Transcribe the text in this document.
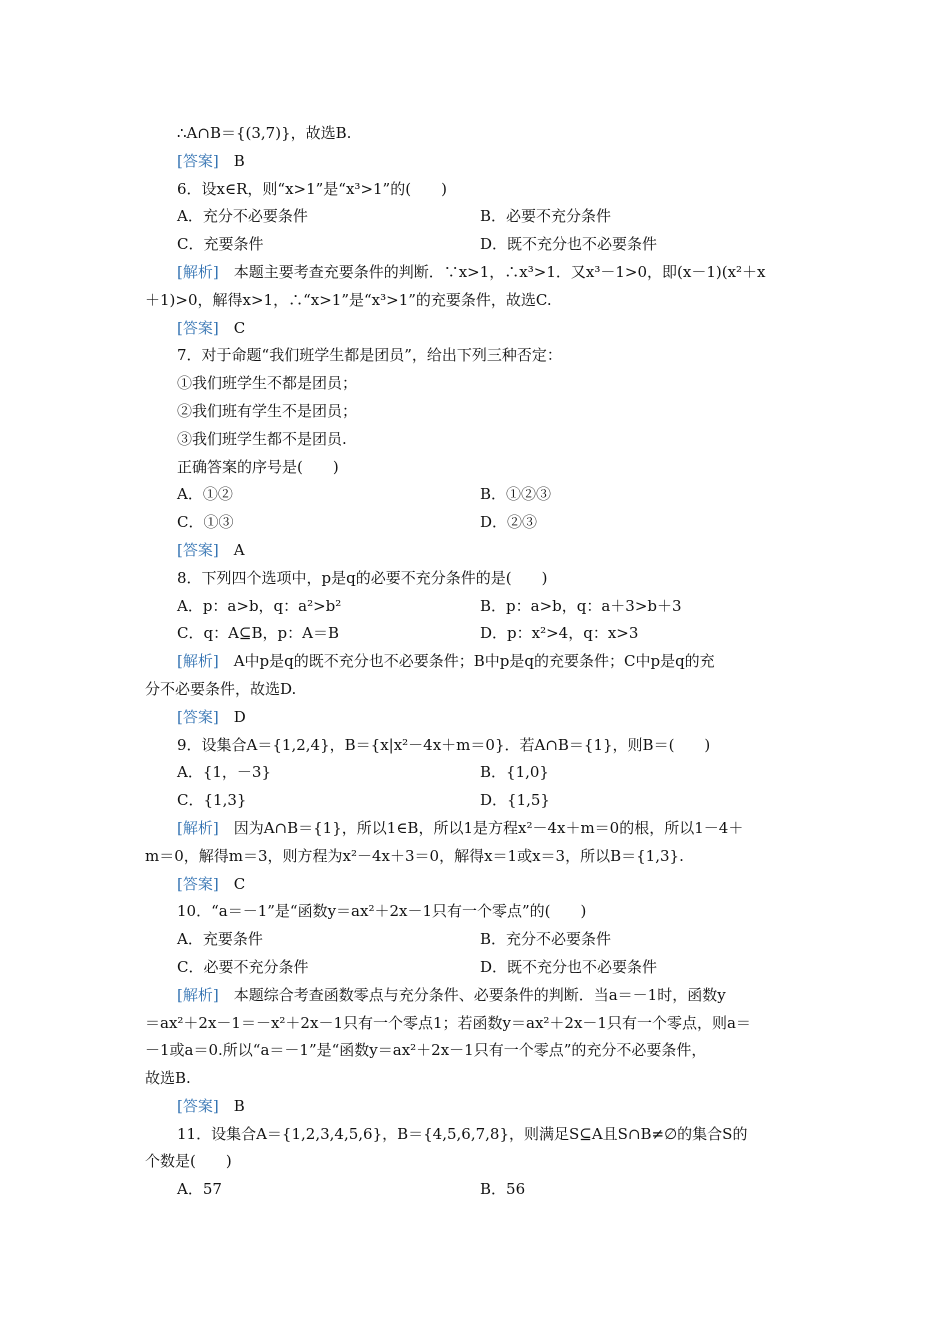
∴A∩B＝{(3,7)}，故选B.
[答案]　B
6．设x∈R，则“x>1”是“x³>1”的(　　)
A．充分不必要条件	B．必要不充分条件
C．充要条件	D．既不充分也不必要条件
[解析]　本题主要考查充要条件的判断．∵x>1，∴x³>1．又x³－1>0，即(x－1)(x²＋x
＋1)>0，解得x>1，∴“x>1”是“x³>1”的充要条件，故选C.
[答案]　C
7．对于命题“我们班学生都是团员”，给出下列三种否定：
①我们班学生不都是团员；
②我们班有学生不是团员；
③我们班学生都不是团员.
正确答案的序号是(　　)
A．①②	B．①②③
C．①③	D．②③
[答案]　A
8．下列四个选项中，p是q的必要不充分条件的是(　　)
A．p：a>b，q：a²>b²	B．p：a>b，q：a＋3>b＋3
C．q：A⊆B，p：A＝B	D．p：x²>4，q：x>3
[解析]　A中p是q的既不充分也不必要条件；B中p是q的充要条件；C中p是q的充
分不必要条件，故选D.
[答案]　D
9．设集合A＝{1,2,4}，B＝{x|x²－4x＋m＝0}．若A∩B＝{1}，则B＝(　　)
A．{1，－3}	B．{1,0}
C．{1,3}	D．{1,5}
[解析]　因为A∩B＝{1}，所以1∈B，所以1是方程x²－4x＋m＝0的根，所以1－4＋
m＝0，解得m＝3，则方程为x²－4x＋3＝0，解得x＝1或x＝3，所以B＝{1,3}.
[答案]　C
10．“a＝－1”是“函数y＝ax²＋2x－1只有一个零点”的(　　)
A．充要条件	B．充分不必要条件
C．必要不充分条件	D．既不充分也不必要条件
[解析]　本题综合考查函数零点与充分条件、必要条件的判断．当a＝－1时，函数y
＝ax²＋2x－1＝－x²＋2x－1只有一个零点1；若函数y＝ax²＋2x－1只有一个零点，则a＝
－1或a＝0.所以“a＝－1”是“函数y＝ax²＋2x－1只有一个零点”的充分不必要条件，
故选B.
[答案]　B
11．设集合A＝{1,2,3,4,5,6}，B＝{4,5,6,7,8}，则满足S⊆A且S∩B≠∅的集合S的
个数是(　　)
A．57	B．56
